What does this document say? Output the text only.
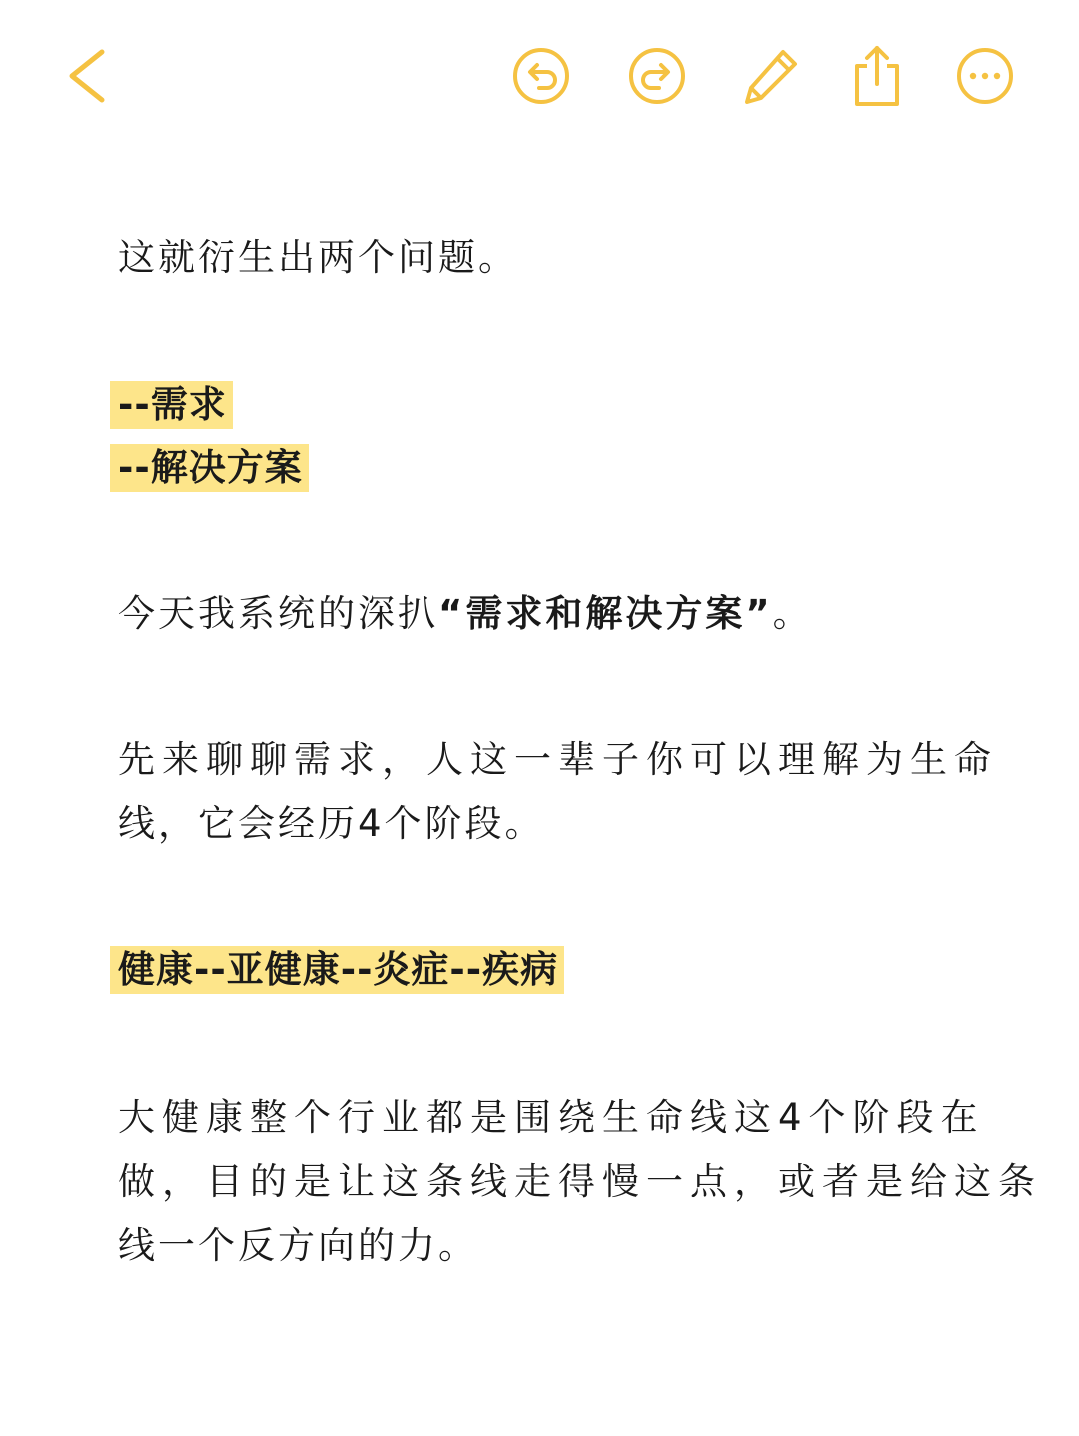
这就衍生出两个问题。
--需求
--解决方案
今天我系统的深扒“需求和解决方案”。
先来聊聊需求，人这一辈子你可以理解为生命
线，它会经历4个阶段。
健康--亚健康--炎症--疾病
大健康整个行业都是围绕生命线这4个阶段在
做，目的是让这条线走得慢一点，或者是给这条
线一个反方向的力。
